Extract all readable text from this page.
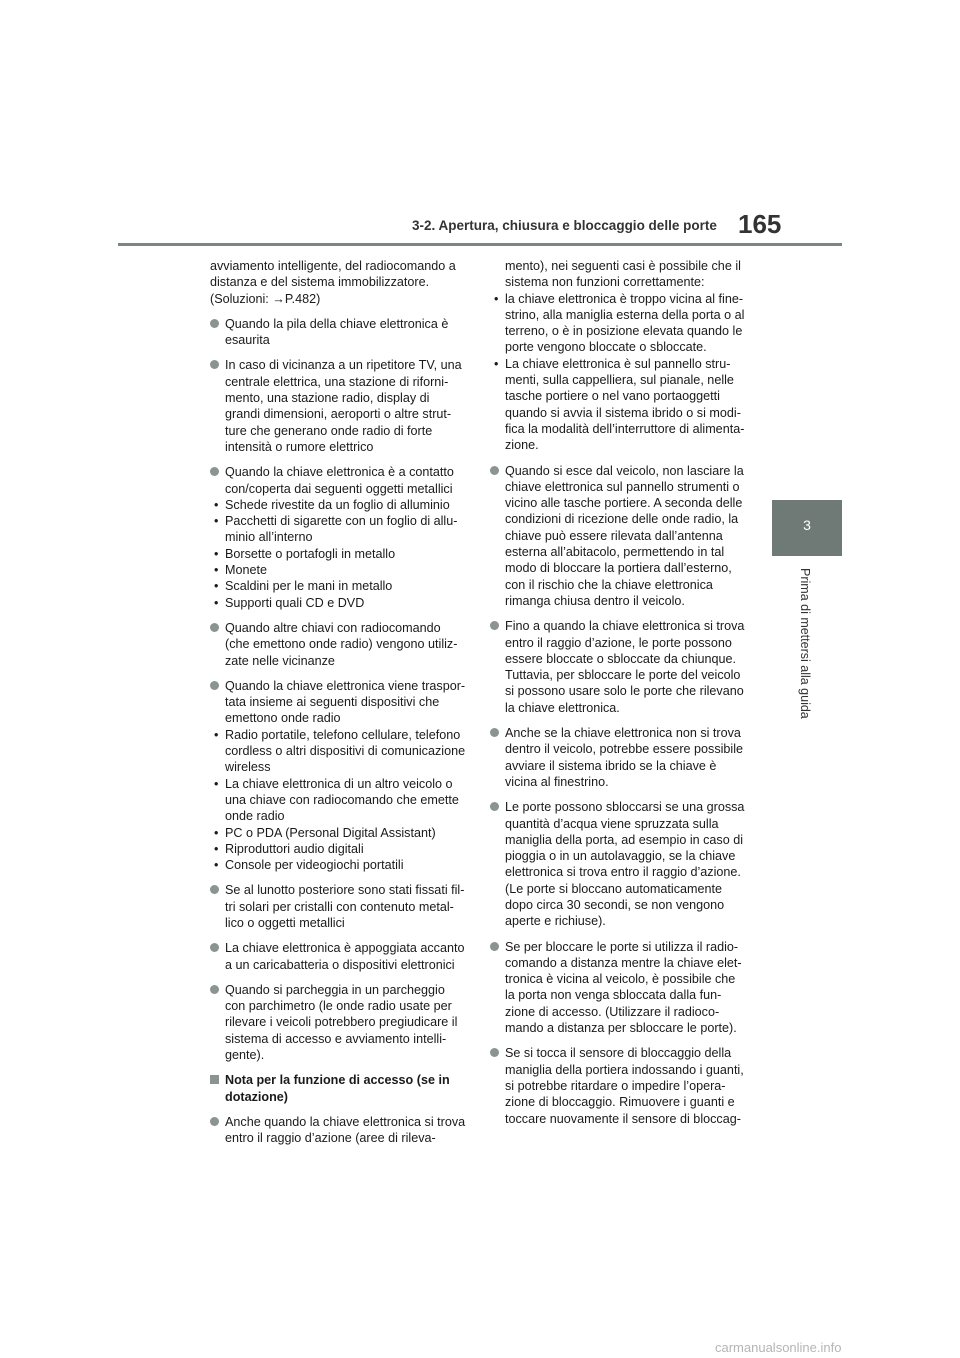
3-2. Apertura, chiusura e bloccaggio delle porte 165
3
Prima di mettersi alla guida
avviamento intelligente, del radiocomando a
distanza e del sistema immobilizzatore.
(Soluzioni: →P.482)
Quando la pila della chiave elettronica è
esaurita
In caso di vicinanza a un ripetitore TV, una
centrale elettrica, una stazione di riforni-
mento, una stazione radio, display di
grandi dimensioni, aeroporti o altre strut-
ture che generano onde radio di forte
intensità o rumore elettrico
Quando la chiave elettronica è a contatto
con/coperta dai seguenti oggetti metallici
• Schede rivestite da un foglio di alluminio
• Pacchetti di sigarette con un foglio di allu-
minio all’interno
• Borsette o portafogli in metallo
• Monete
• Scaldini per le mani in metallo
• Supporti quali CD e DVD
Quando altre chiavi con radiocomando
(che emettono onde radio) vengono utiliz-
zate nelle vicinanze
Quando la chiave elettronica viene traspor-
tata insieme ai seguenti dispositivi che
emettono onde radio
• Radio portatile, telefono cellulare, telefono
cordless o altri dispositivi di comunicazione
wireless
• La chiave elettronica di un altro veicolo o
una chiave con radiocomando che emette
onde radio
• PC o PDA (Personal Digital Assistant)
• Riproduttori audio digitali
• Console per videogiochi portatili
Se al lunotto posteriore sono stati fissati fil-
tri solari per cristalli con contenuto metal-
lico o oggetti metallici
La chiave elettronica è appoggiata accanto
a un caricabatteria o dispositivi elettronici
Quando si parcheggia in un parcheggio
con parchimetro (le onde radio usate per
rilevare i veicoli potrebbero pregiudicare il
sistema di accesso e avviamento intelli-
gente).
Nota per la funzione di accesso (se in
dotazione)
Anche quando la chiave elettronica si trova
entro il raggio d’azione (aree di rileva-
mento), nei seguenti casi è possibile che il
sistema non funzioni correttamente:
• la chiave elettronica è troppo vicina al fine-
strino, alla maniglia esterna della porta o al
terreno, o è in posizione elevata quando le
porte vengono bloccate o sbloccate.
• La chiave elettronica è sul pannello stru-
menti, sulla cappelliera, sul pianale, nelle
tasche portiere o nel vano portaoggetti
quando si avvia il sistema ibrido o si modi-
fica la modalità dell’interruttore di alimenta-
zione.
Quando si esce dal veicolo, non lasciare la
chiave elettronica sul pannello strumenti o
vicino alle tasche portiere. A seconda delle
condizioni di ricezione delle onde radio, la
chiave può essere rilevata dall’antenna
esterna all’abitacolo, permettendo in tal
modo di bloccare la portiera dall’esterno,
con il rischio che la chiave elettronica
rimanga chiusa dentro il veicolo.
Fino a quando la chiave elettronica si trova
entro il raggio d’azione, le porte possono
essere bloccate o sbloccate da chiunque.
Tuttavia, per sbloccare le porte del veicolo
si possono usare solo le porte che rilevano
la chiave elettronica.
Anche se la chiave elettronica non si trova
dentro il veicolo, potrebbe essere possibile
avviare il sistema ibrido se la chiave è
vicina al finestrino.
Le porte possono sbloccarsi se una grossa
quantità d’acqua viene spruzzata sulla
maniglia della porta, ad esempio in caso di
pioggia o in un autolavaggio, se la chiave
elettronica si trova entro il raggio d’azione.
(Le porte si bloccano automaticamente
dopo circa 30 secondi, se non vengono
aperte e richiuse).
Se per bloccare le porte si utilizza il radio-
comando a distanza mentre la chiave elet-
tronica è vicina al veicolo, è possibile che
la porta non venga sbloccata dalla fun-
zione di accesso. (Utilizzare il radioco-
mando a distanza per sbloccare le porte).
Se si tocca il sensore di bloccaggio della
maniglia della portiera indossando i guanti,
si potrebbe ritardare o impedire l’opera-
zione di bloccaggio. Rimuovere i guanti e
toccare nuovamente il sensore di bloccag-
carmanualsonline.info
